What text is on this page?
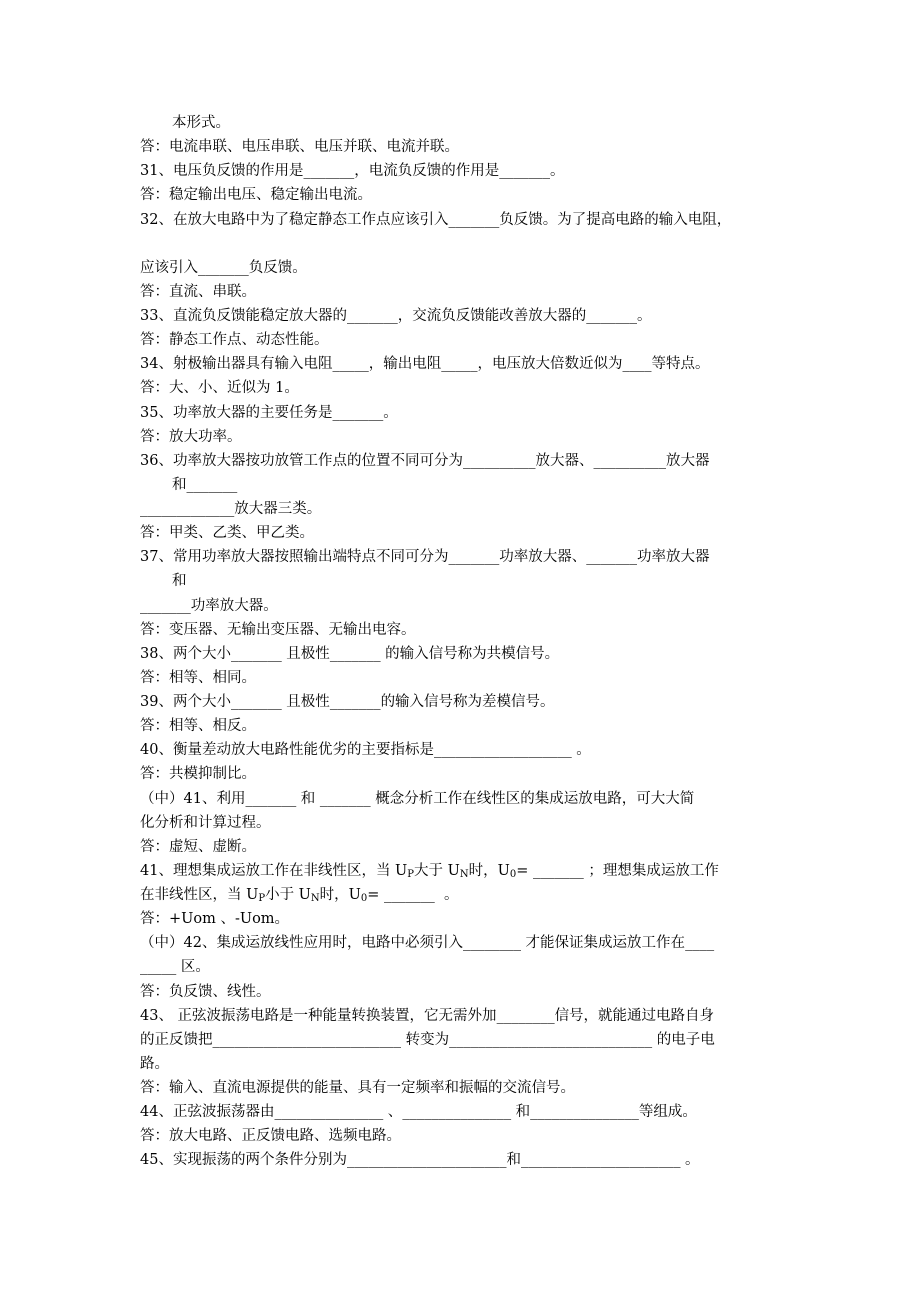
本形式。
答：电流串联、电压串联、电压并联、电流并联。
31、电压负反馈的作用是_______，电流负反馈的作用是_______。
答：稳定输出电压、稳定输出电流。
32、在放大电路中为了稳定静态工作点应该引入_______负反馈。为了提高电路的输入电阻，
应该引入_______负反馈。
答：直流、串联。
33、直流负反馈能稳定放大器的_______，交流负反馈能改善放大器的_______。
答：静态工作点、动态性能。
34、射极输出器具有输入电阻_____，输出电阻_____，电压放大倍数近似为____等特点。
答：大、小、近似为 1。
35、功率放大器的主要任务是_______。
答：放大功率。
36、功率放大器按功放管工作点的位置不同可分为__________放大器、__________放大器
和_______
_____________放大器三类。
答：甲类、乙类、甲乙类。
37、常用功率放大器按照输出端特点不同可分为_______功率放大器、_______功率放大器
和
_______功率放大器。
答：变压器、无输出变压器、无输出电容。
38、两个大小_______ 且极性_______ 的输入信号称为共模信号。
答：相等、相同。
39、两个大小_______ 且极性_______的输入信号称为差模信号。
答：相等、相反。
40、衡量差动放大电路性能优劣的主要指标是___________________ 。
答：共模抑制比。
（中）41、利用_______ 和 _______ 概念分析工作在线性区的集成运放电路，可大大简
化分析和计算过程。
答：虚短、虚断。
41、理想集成运放工作在非线性区，当 $U_P$大于 $U_N$时，$U_0=$ _______ ；理想集成运放工作
在非线性区，当 $U_P$小于 $U_N$时，$U_0=$ _______  。
答：+Uom 、-Uom。
（中）42、集成运放线性应用时，电路中必须引入________ 才能保证集成运放工作在____
_____ 区。
答：负反馈、线性。
43、 正弦波振荡电路是一种能量转换装置，它无需外加________信号，就能通过电路自身
的正反馈把__________________________ 转变为____________________________ 的电子电
路。
答：输入、直流电源提供的能量、具有一定频率和振幅的交流信号。
44、正弦波振荡器由_______________ 、_______________ 和_______________等组成。
答：放大电路、正反馈电路、选频电路。
45、实现振荡的两个条件分别为______________________和______________________ 。
